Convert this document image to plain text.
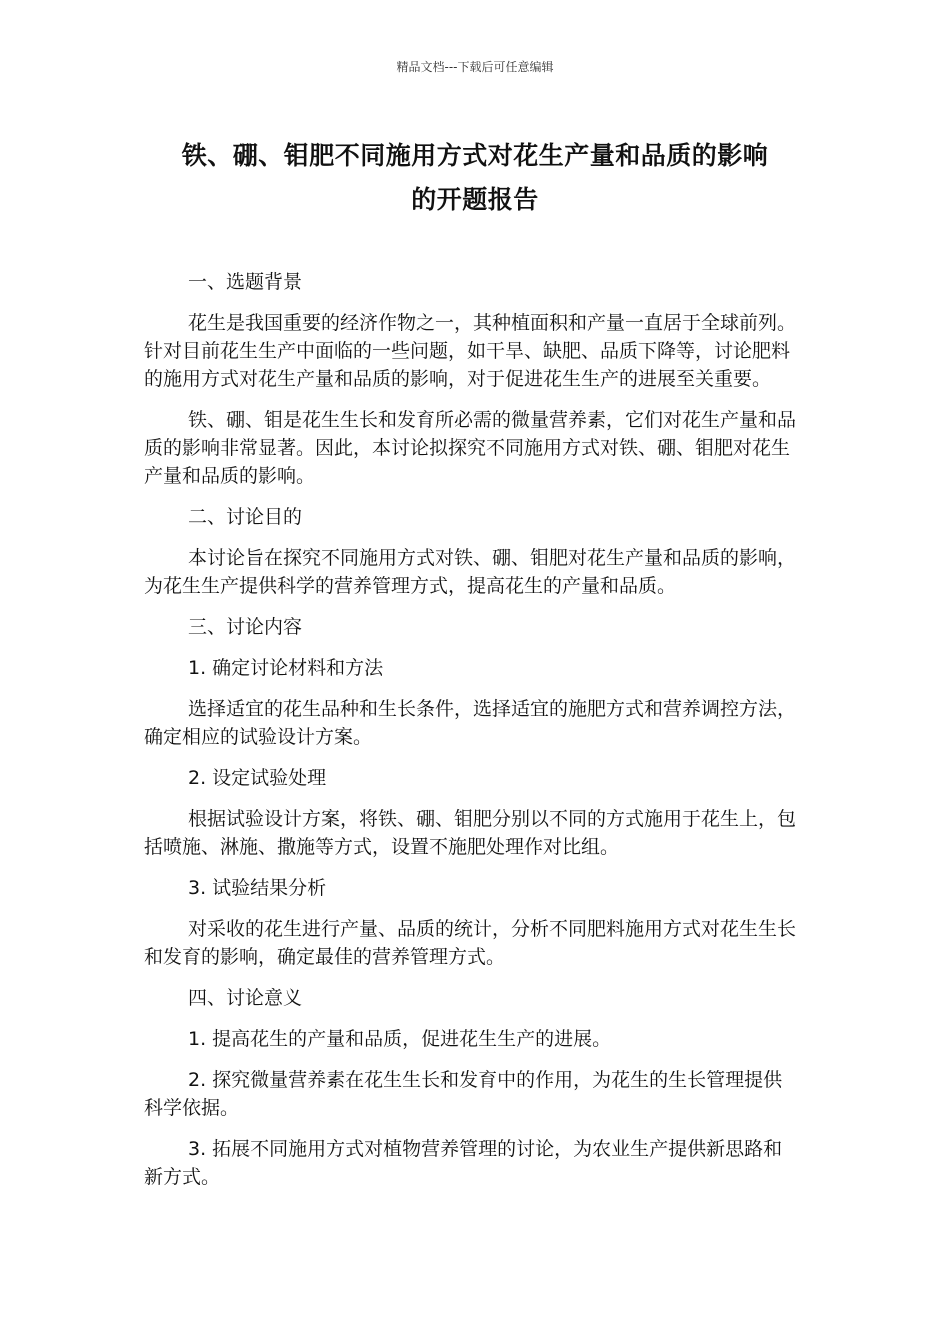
精品文档---下载后可任意编辑
铁、硼、钼肥不同施用方式对花生产量和品质的影响
的开题报告

一、选题背景

花生是我国重要的经济作物之一，其种植面积和产量一直居于全球前列。针对目前花生生产中面临的一些问题，如干旱、缺肥、品质下降等，讨论肥料的施用方式对花生产量和品质的影响，对于促进花生生产的进展至关重要。

铁、硼、钼是花生生长和发育所必需的微量营养素，它们对花生产量和品质的影响非常显著。因此，本讨论拟探究不同施用方式对铁、硼、钼肥对花生产量和品质的影响。

二、讨论目的

本讨论旨在探究不同施用方式对铁、硼、钼肥对花生产量和品质的影响，为花生生产提供科学的营养管理方式，提高花生的产量和品质。

三、讨论内容

1. 确定讨论材料和方法

选择适宜的花生品种和生长条件，选择适宜的施肥方式和营养调控方法，确定相应的试验设计方案。

2. 设定试验处理

根据试验设计方案，将铁、硼、钼肥分别以不同的方式施用于花生上，包括喷施、淋施、撒施等方式，设置不施肥处理作对比组。

3. 试验结果分析

对采收的花生进行产量、品质的统计，分析不同肥料施用方式对花生生长和发育的影响，确定最佳的营养管理方式。

四、讨论意义

1. 提高花生的产量和品质，促进花生生产的进展。

2. 探究微量营养素在花生生长和发育中的作用，为花生的生长管理提供科学依据。

3. 拓展不同施用方式对植物营养管理的讨论，为农业生产提供新思路和新方式。
